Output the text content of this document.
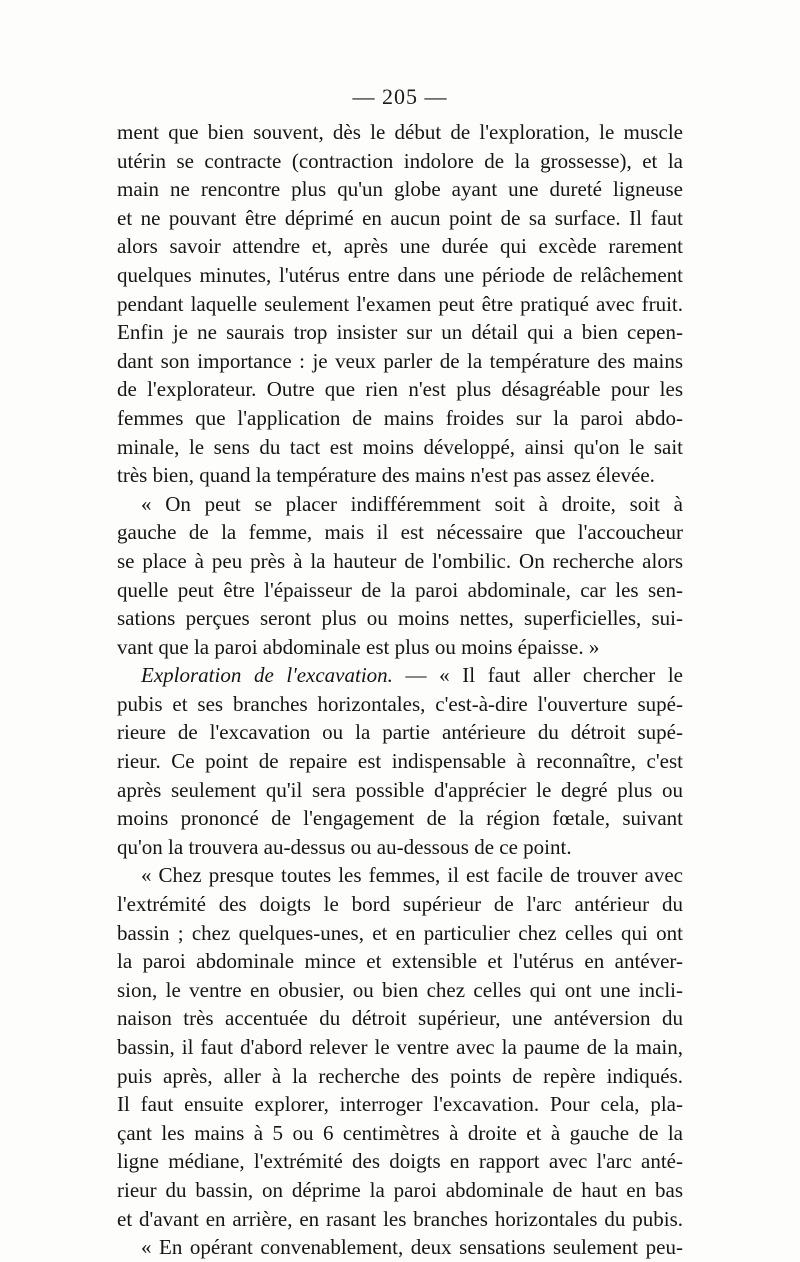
— 205 —
ment que bien souvent, dès le début de l'exploration, le muscle
utérin se contracte (contraction indolore de la grossesse), et la
main ne rencontre plus qu'un globe ayant une dureté ligneuse
et ne pouvant être déprimé en aucun point de sa surface. Il faut
alors savoir attendre et, après une durée qui excède rarement
quelques minutes, l'utérus entre dans une période de relâchement
pendant laquelle seulement l'examen peut être pratiqué avec fruit.
Enfin je ne saurais trop insister sur un détail qui a bien cepen-
dant son importance : je veux parler de la température des mains
de l'explorateur. Outre que rien n'est plus désagréable pour les
femmes que l'application de mains froides sur la paroi abdo-
minale, le sens du tact est moins développé, ainsi qu'on le sait
très bien, quand la température des mains n'est pas assez élevée.
« On peut se placer indifféremment soit à droite, soit à
gauche de la femme, mais il est nécessaire que l'accoucheur
se place à peu près à la hauteur de l'ombilic. On recherche alors
quelle peut être l'épaisseur de la paroi abdominale, car les sen-
sations perçues seront plus ou moins nettes, superficielles, sui-
vant que la paroi abdominale est plus ou moins épaisse. »
Exploration de l'excavation. — « Il faut aller chercher le
pubis et ses branches horizontales, c'est-à-dire l'ouverture supé-
rieure de l'excavation ou la partie antérieure du détroit supé-
rieur. Ce point de repaire est indispensable à reconnaître, c'est
après seulement qu'il sera possible d'apprécier le degré plus ou
moins prononcé de l'engagement de la région fœtale, suivant
qu'on la trouvera au-dessus ou au-dessous de ce point.
« Chez presque toutes les femmes, il est facile de trouver avec
l'extrémité des doigts le bord supérieur de l'arc antérieur du
bassin ; chez quelques-unes, et en particulier chez celles qui ont
la paroi abdominale mince et extensible et l'utérus en antéver-
sion, le ventre en obusier, ou bien chez celles qui ont une incli-
naison très accentuée du détroit supérieur, une antéversion du
bassin, il faut d'abord relever le ventre avec la paume de la main,
puis après, aller à la recherche des points de repère indiqués.
Il faut ensuite explorer, interroger l'excavation. Pour cela, pla-
çant les mains à 5 ou 6 centimètres à droite et à gauche de la
ligne médiane, l'extrémité des doigts en rapport avec l'arc anté-
rieur du bassin, on déprime la paroi abdominale de haut en bas
et d'avant en arrière, en rasant les branches horizontales du pubis.
« En opérant convenablement, deux sensations seulement peu-
